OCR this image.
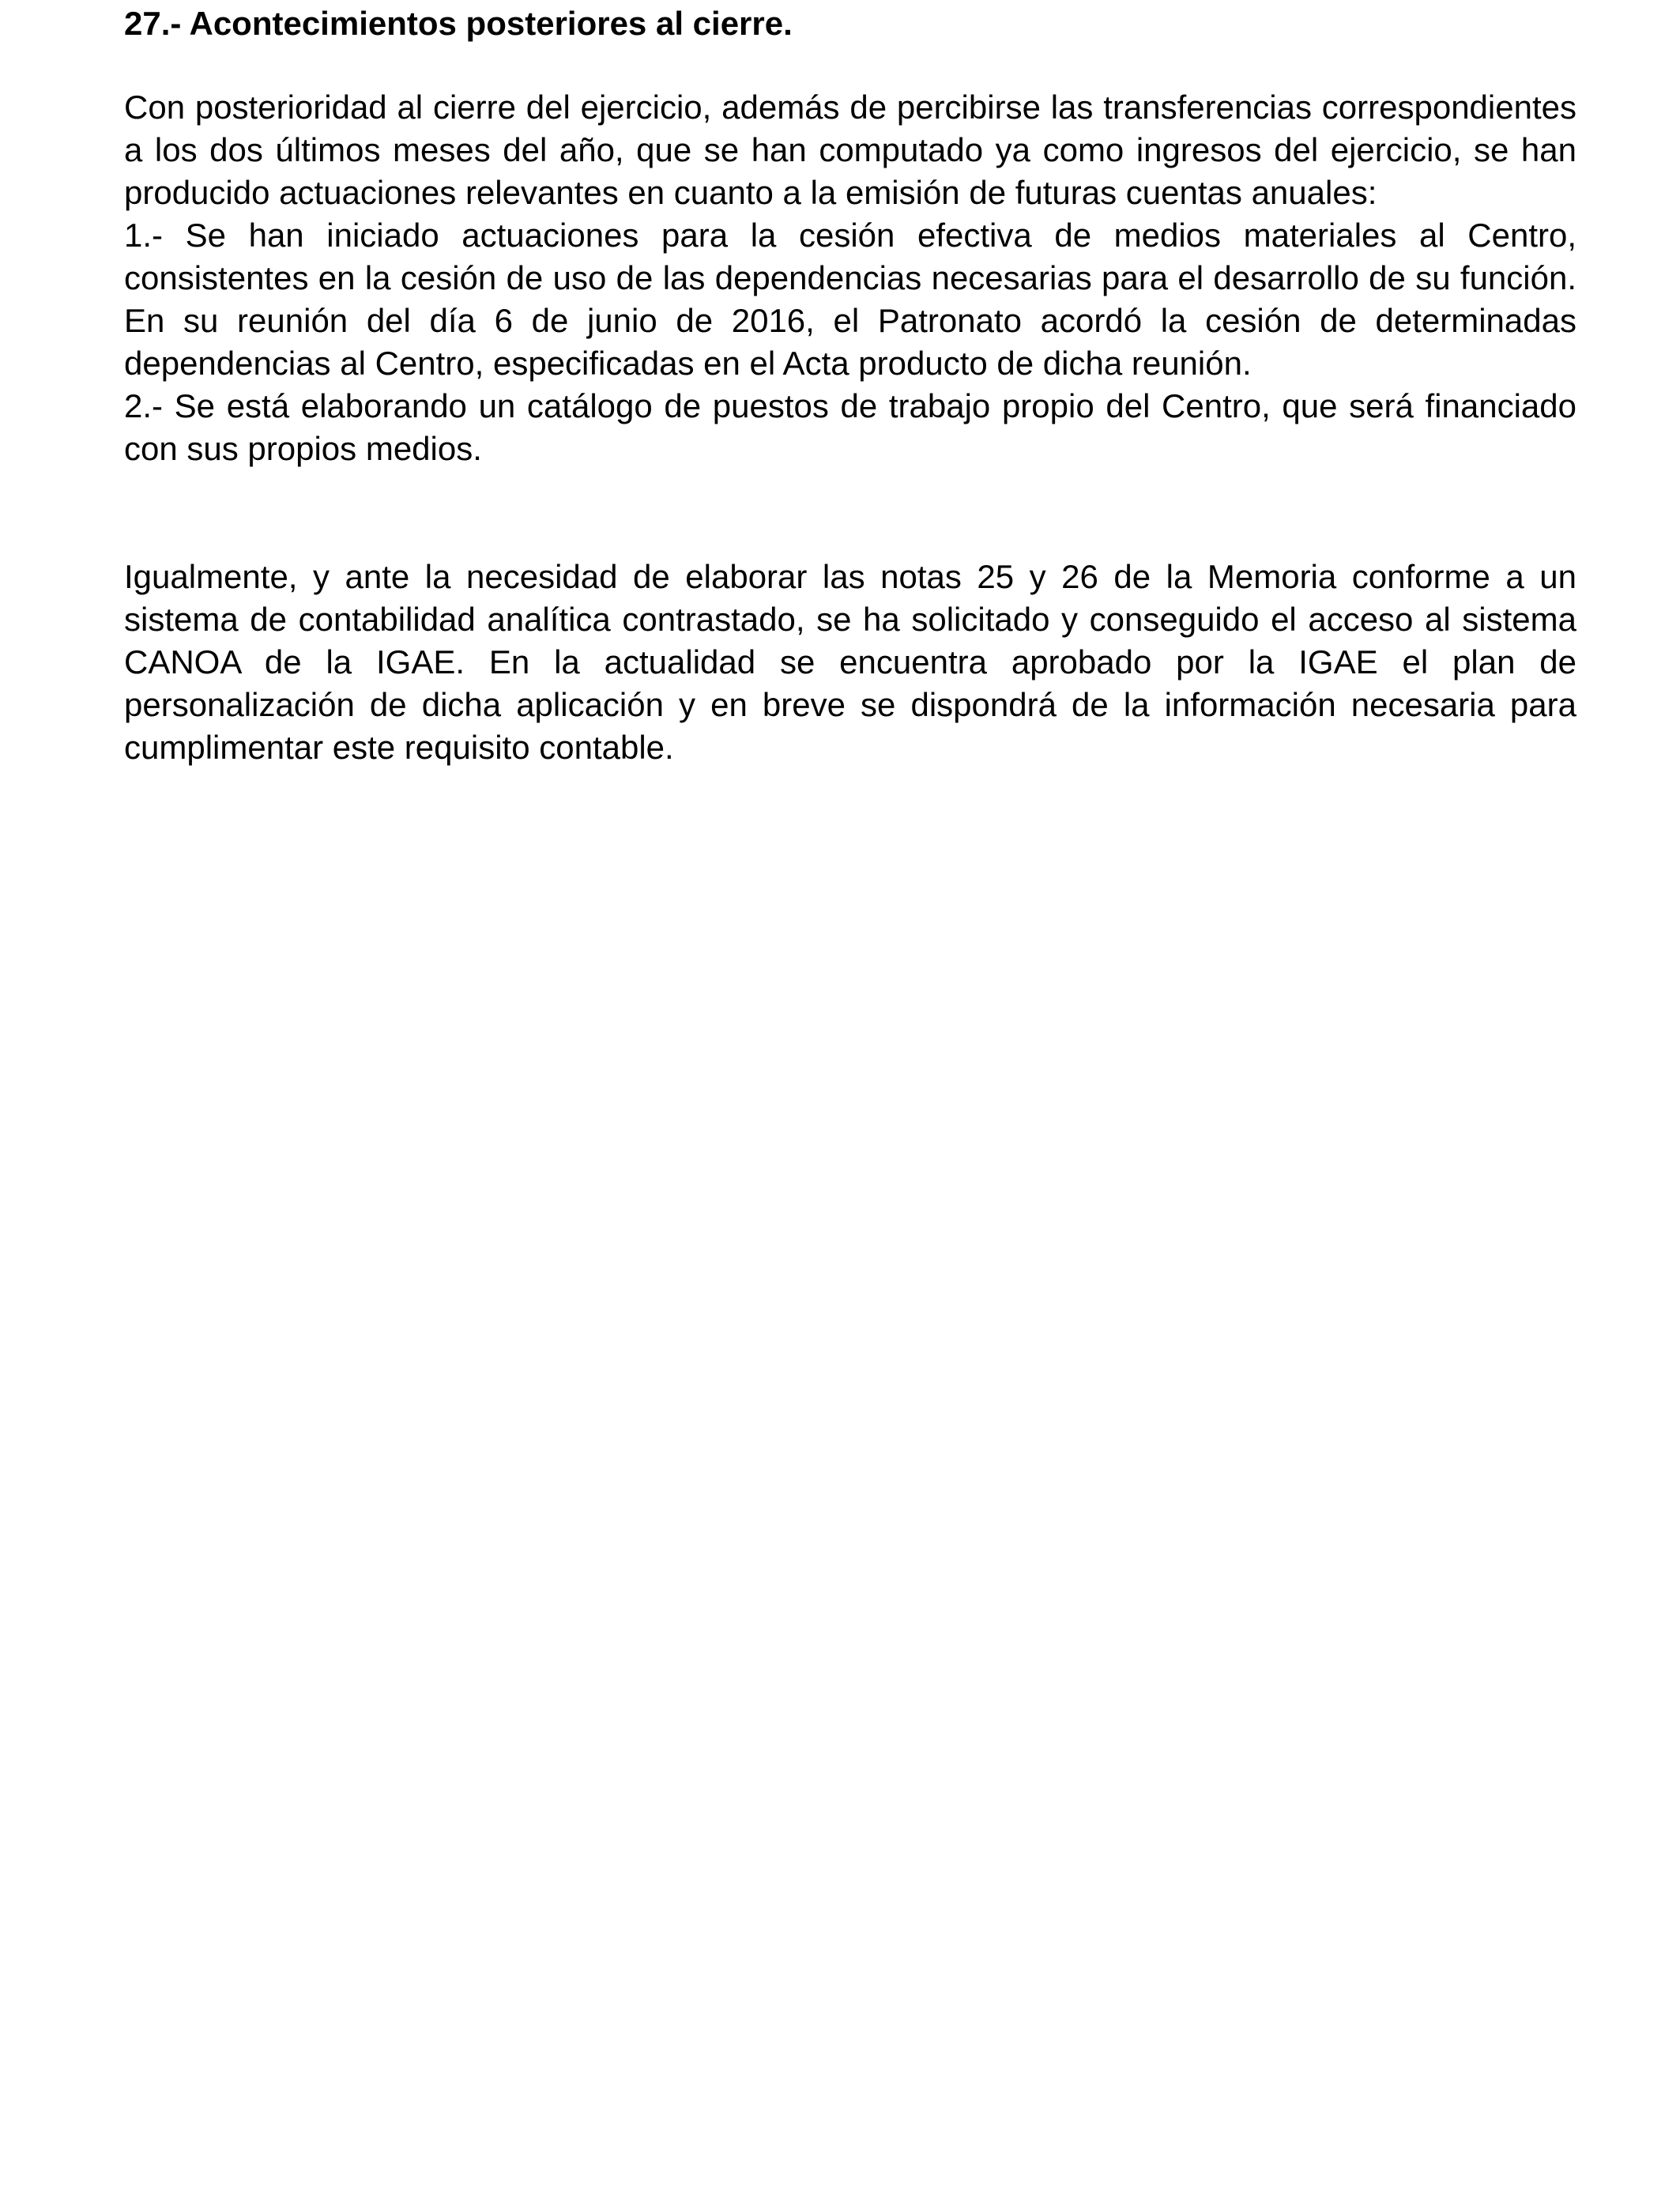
27.- Acontecimientos posteriores al cierre.

Con posterioridad al cierre del ejercicio, además de percibirse las transferencias correspondientes a los dos últimos meses del año, que se han computado ya como ingresos del ejercicio, se han producido actuaciones relevantes en cuanto a la emisión de futuras cuentas anuales:

1.- Se han iniciado actuaciones para la cesión efectiva de medios materiales al Centro, consistentes en la cesión de uso de las dependencias necesarias para el desarrollo de su función. En su reunión del día 6 de junio de 2016, el Patronato acordó la cesión de determinadas dependencias al Centro, especificadas en el Acta producto de dicha reunión.

2.- Se está elaborando un catálogo de puestos de trabajo propio del Centro, que será financiado con sus propios medios.

Igualmente, y ante la necesidad de elaborar las notas 25 y 26 de la Memoria conforme a un sistema de contabilidad analítica contrastado, se ha solicitado y conseguido el acceso al sistema CANOA de la IGAE. En la actualidad se encuentra aprobado por la IGAE el plan de personalización de dicha aplicación y en breve se dispondrá de la información necesaria para cumplimentar este requisito contable.
